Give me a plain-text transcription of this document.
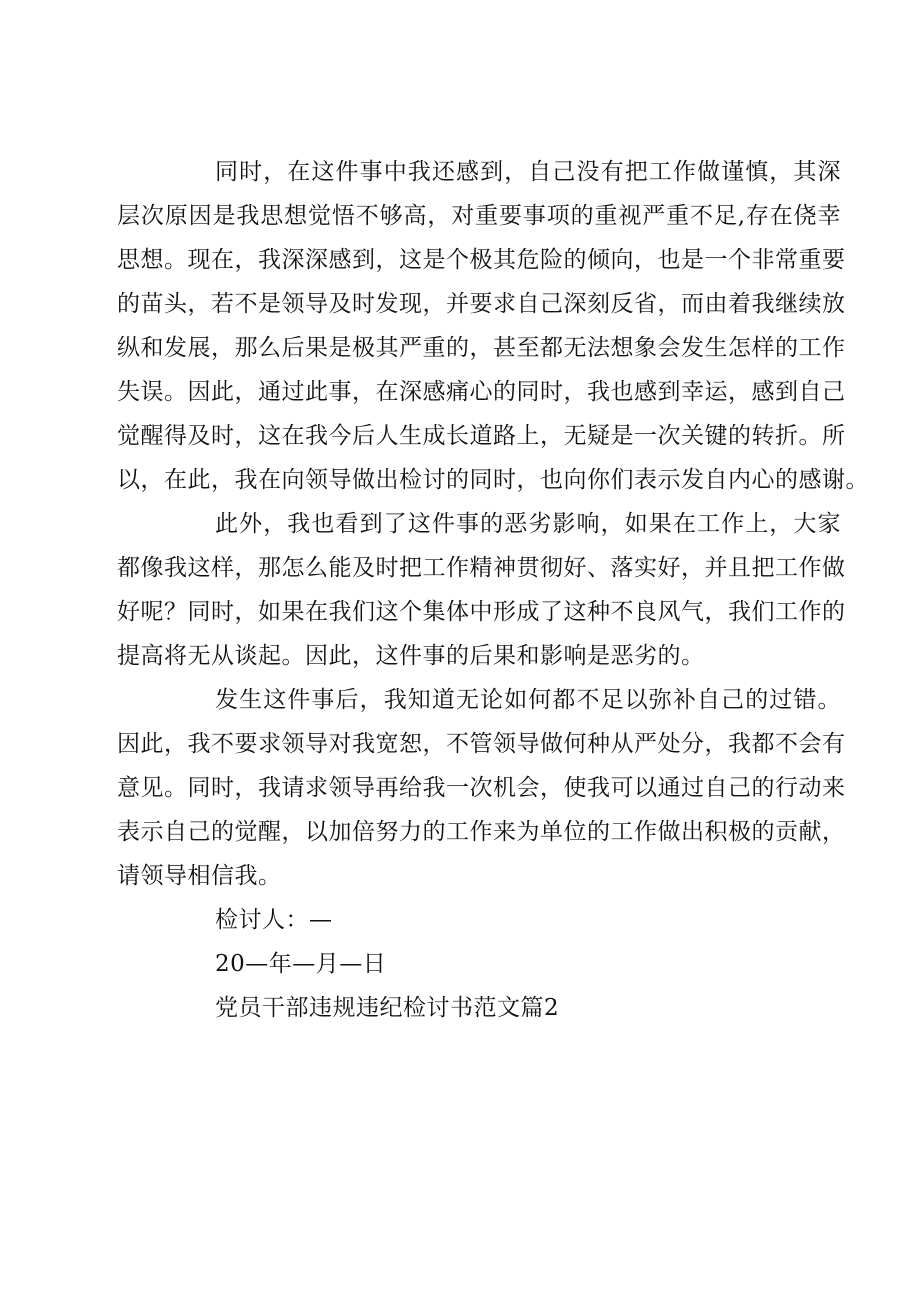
同时，在这件事中我还感到，自己没有把工作做谨慎，其深
层次原因是我思想觉悟不够高，对重要事项的重视严重不足,存在侥幸
思想。现在，我深深感到，这是个极其危险的倾向，也是一个非常重要
的苗头，若不是领导及时发现，并要求自己深刻反省，而由着我继续放
纵和发展，那么后果是极其严重的，甚至都无法想象会发生怎样的工作
失误。因此，通过此事，在深感痛心的同时，我也感到幸运，感到自己
觉醒得及时，这在我今后人生成长道路上，无疑是一次关键的转折。所
以，在此，我在向领导做出检讨的同时，也向你们表示发自内心的感谢。
此外，我也看到了这件事的恶劣影响，如果在工作上，大家
都像我这样，那怎么能及时把工作精神贯彻好、落实好，并且把工作做
好呢？同时，如果在我们这个集体中形成了这种不良风气，我们工作的
提高将无从谈起。因此，这件事的后果和影响是恶劣的。
发生这件事后，我知道无论如何都不足以弥补自己的过错。
因此，我不要求领导对我宽恕，不管领导做何种从严处分，我都不会有
意见。同时，我请求领导再给我一次机会，使我可以通过自己的行动来
表示自己的觉醒，以加倍努力的工作来为单位的工作做出积极的贡献，
请领导相信我。
检讨人：—
20—年—月—日
党员干部违规违纪检讨书范文篇2
